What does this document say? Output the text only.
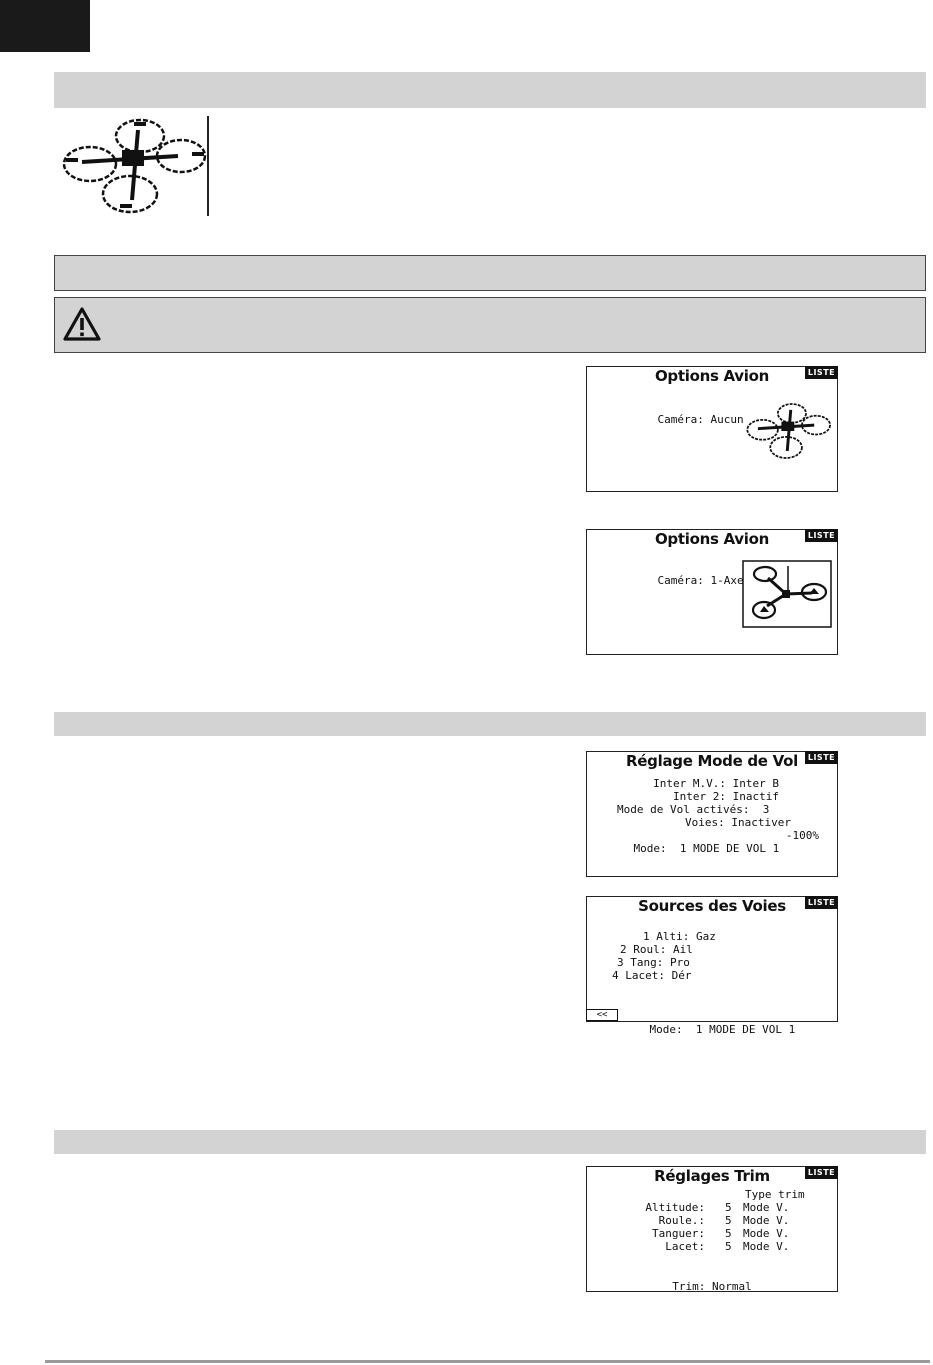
LISTE
Options Avion

Caméra: Aucun

LISTE
Options Avion

Caméra: 1-Axe

LISTE
Réglage Mode de Vol
Inter M.V.: Inter B
Inter 2: Inactif
Mode de Vol activés:  3
Voies: Inactiver

Mode: 1 MODE DE VOL 1

-100%
LISTE
Sources des Voies
1 Alti: Gaz
2 Roul: Ail
3 Tang: Pro
4 Lacet: Dér
<<

Mode: 1 MODE DE VOL 1

LISTE
Réglages Trim
Type trim
Altitude: 5 Mode V.
Roule.: 5 Mode V.
Tanguer: 5 Mode V.
Lacet: 5 Mode V.
Trim: Normal
